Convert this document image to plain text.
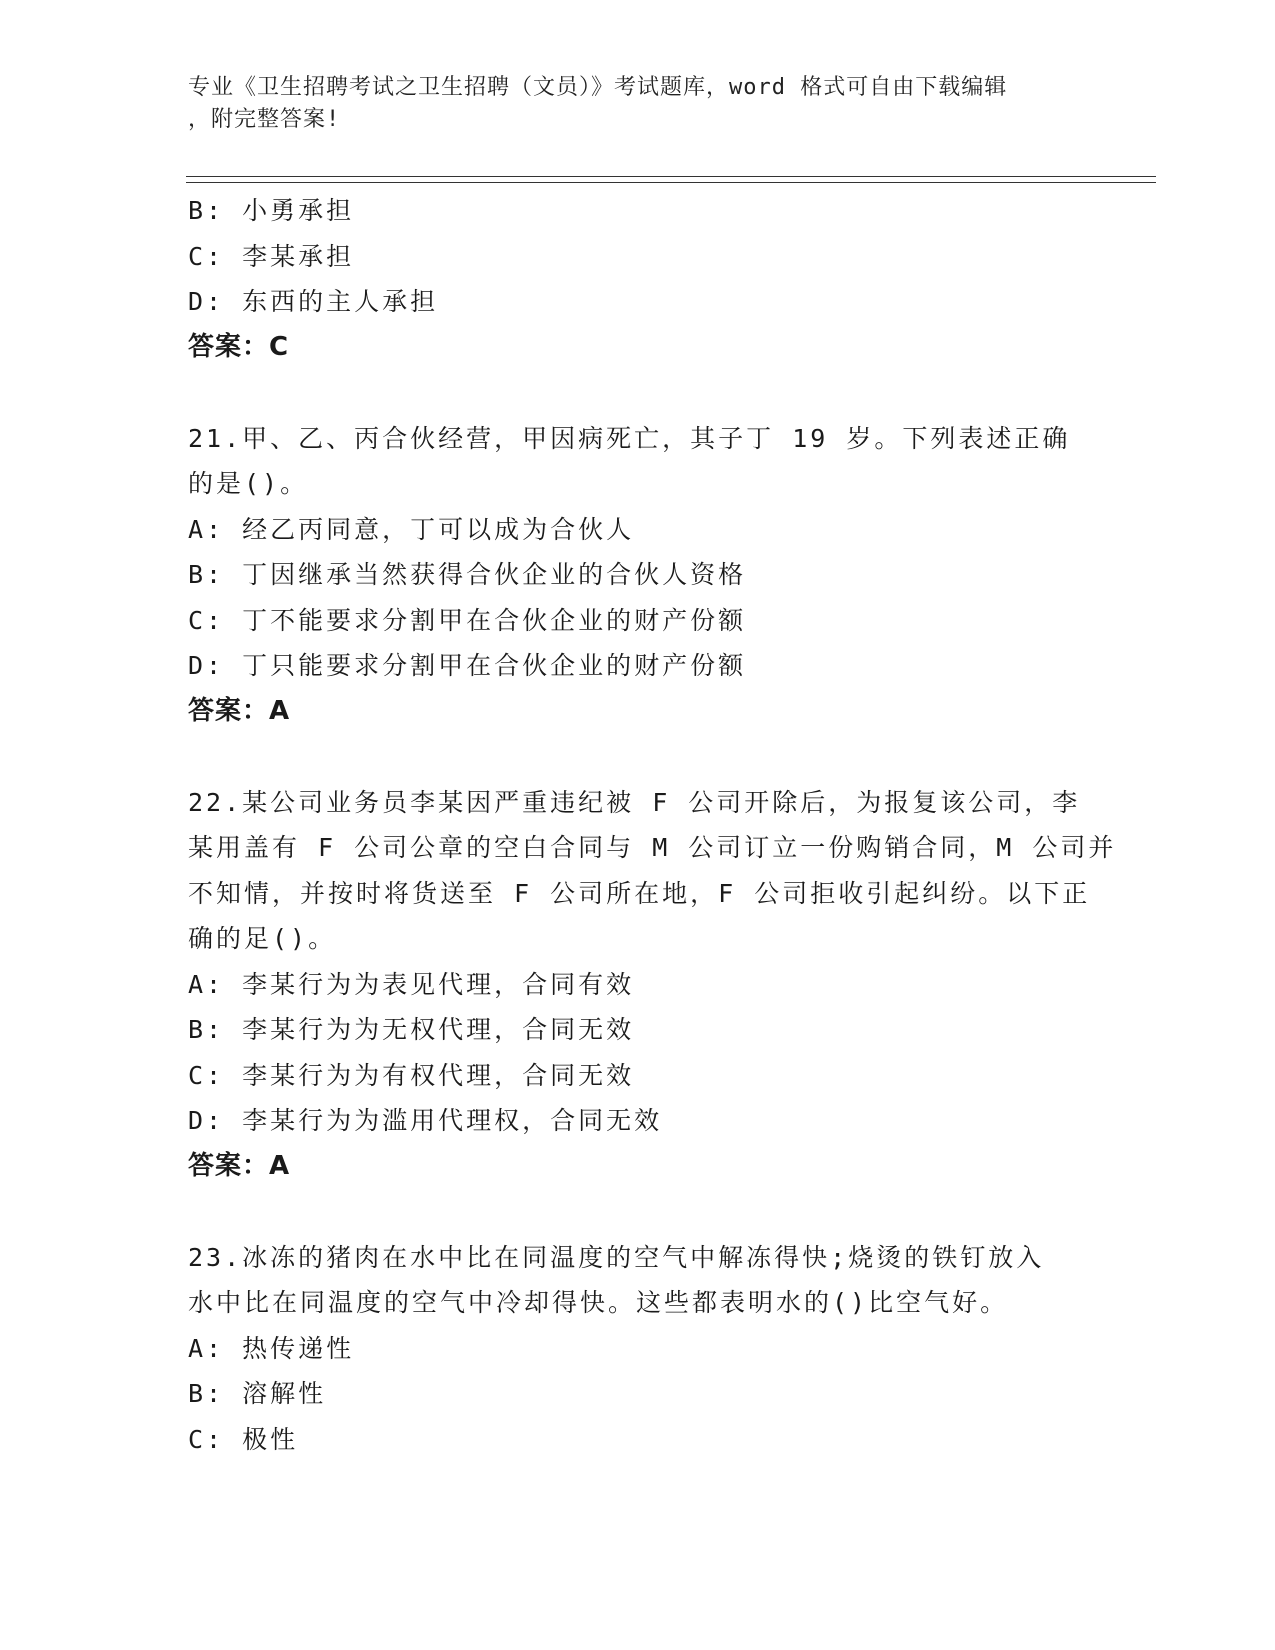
专业《卫生招聘考试之卫生招聘（文员）》考试题库，word 格式可自由下载编辑
，附完整答案!
B: 小勇承担
C: 李某承担
D: 东西的主人承担
答案：C
21.甲、乙、丙合伙经营，甲因病死亡，其子丁 19 岁。下列表述正确
的是()。
A: 经乙丙同意，丁可以成为合伙人
B: 丁因继承当然获得合伙企业的合伙人资格
C: 丁不能要求分割甲在合伙企业的财产份额
D: 丁只能要求分割甲在合伙企业的财产份额
答案：A
22.某公司业务员李某因严重违纪被 F 公司开除后，为报复该公司，李
某用盖有 F 公司公章的空白合同与 M 公司订立一份购销合同，M 公司并
不知情，并按时将货送至 F 公司所在地，F 公司拒收引起纠纷。以下正
确的足()。
A: 李某行为为表见代理，合同有效
B: 李某行为为无权代理，合同无效
C: 李某行为为有权代理，合同无效
D: 李某行为为滥用代理权，合同无效
答案：A
23.冰冻的猪肉在水中比在同温度的空气中解冻得快;烧烫的铁钉放入
水中比在同温度的空气中冷却得快。这些都表明水的()比空气好。
A: 热传递性
B: 溶解性
C: 极性
